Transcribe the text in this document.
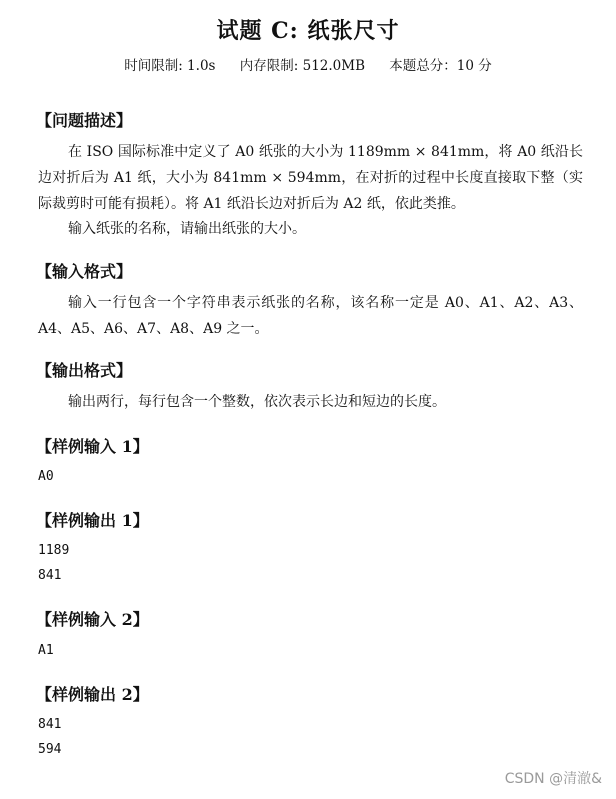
试题 C: 纸张尺寸
时间限制: 1.0s 内存限制: 512.0MB 本题总分：10 分
【问题描述】
在 ISO 国际标准中定义了 A0 纸张的大小为 1189mm × 841mm，将 A0 纸沿长边对折后为 A1 纸，大小为 841mm × 594mm，在对折的过程中长度直接取下整（实际裁剪时可能有损耗）。将 A1 纸沿长边对折后为 A2 纸，依此类推。
输入纸张的名称，请输出纸张的大小。
【输入格式】
输入一行包含一个字符串表示纸张的名称，该名称一定是 A0、A1、A2、A3、A4、A5、A6、A7、A8、A9 之一。
【输出格式】
输出两行，每行包含一个整数，依次表示长边和短边的长度。
【样例输入 1】
A0
【样例输出 1】
1189
841
【样例输入 2】
A1
【样例输出 2】
841
594
CSDN @清澈&
